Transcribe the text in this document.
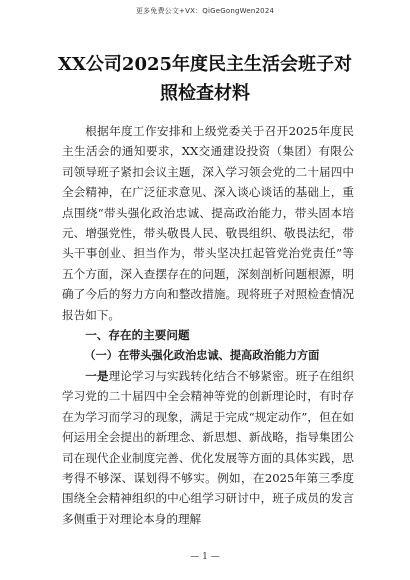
更多免费公文+VX：QiGeGongWen2024
XX公司2025年度民主生活会班子对照检查材料

根据年度工作安排和上级党委关于召开2025年度民主生活会的通知要求，XX交通建设投资（集团）有限公司领导班子紧扣会议主题，深入学习领会党的二十届四中全会精神，在广泛征求意见、深入谈心谈话的基础上，重点围绕“带头强化政治忠诚、提高政治能力，带头固本培元、增强党性，带头敬畏人民、敬畏组织、敬畏法纪，带头干事创业、担当作为，带头坚决扛起管党治党责任”等五个方面，深入查摆存在的问题，深刻剖析问题根源，明确了今后的努力方向和整改措施。现将班子对照检查情况报告如下。

一、存在的主要问题

（一）在带头强化政治忠诚、提高政治能力方面

一是理论学习与实践转化结合不够紧密。班子在组织学习党的二十届四中全会精神等党的创新理论时，有时存在为学习而学习的现象，满足于完成“规定动作”，但在如何运用全会提出的新理念、新思想、新战略，指导集团公司在现代企业制度完善、优化发展等方面的具体实践，思考得不够深、谋划得不够实。例如，在2025年第三季度围绕全会精神组织的中心组学习研讨中，班子成员的发言多侧重于对理论本身的理解

— 1 —
